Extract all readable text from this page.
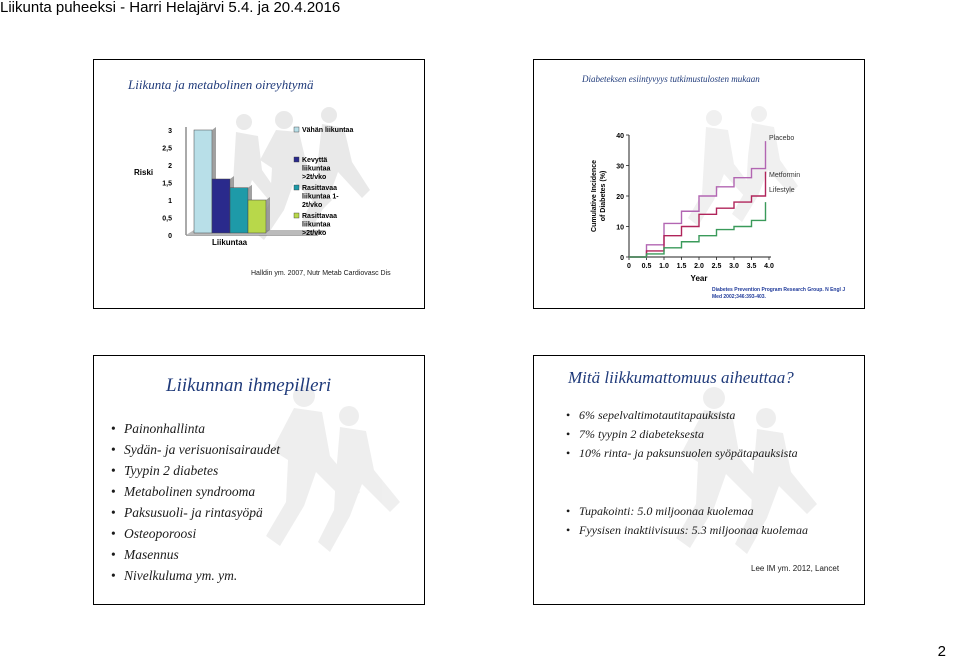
Liikunta puheeksi - Harri Helajärvi 5.4. ja 20.4.2016
Liikunta ja metabolinen oireyhtymä
0
0,5
1
1,5
2
2,5
3
Riski
Liikuntaa
Vähän liikuntaa
Kevyttä liikuntaa >2t/vko
Rasittavaa liikuntaa 1-2t/vko
Rasittavaa liikuntaa >2t/vko
Halldin ym. 2007, Nutr Metab Cardiovasc Dis
Diabeteksen esiintyvyys tutkimustulosten mukaan
0
10
20
30
40
0 0.5 1.0 1.5 2.0 2.5 3.0 3.5 4.0
Year
Cumulative Incidence of Diabetes (%)
Placebo
Metformin
Lifestyle
Diabetes Prevention Program Research Group. N Engl J Med 2002;346:393-403.
Liikunnan ihmepilleri
• Painonhallinta
• Sydän- ja verisuonisairaudet
• Tyypin 2 diabetes
• Metabolinen syndrooma
• Paksusuoli- ja rintasyöpä
• Osteoporoosi
• Masennus
• Nivelkuluma ym. ym.
Mitä liikkumattomuus aiheuttaa?
• 6% sepelvaltimotautitapauksista
• 7% tyypin 2 diabeteksesta
• 10% rinta- ja paksunsuolen syöpätapauksista
• Tupakointi: 5.0 miljoonaa kuolemaa
• Fyysisen inaktiivisuus: 5.3 miljoonaa kuolemaa
Lee IM ym. 2012, Lancet
2
